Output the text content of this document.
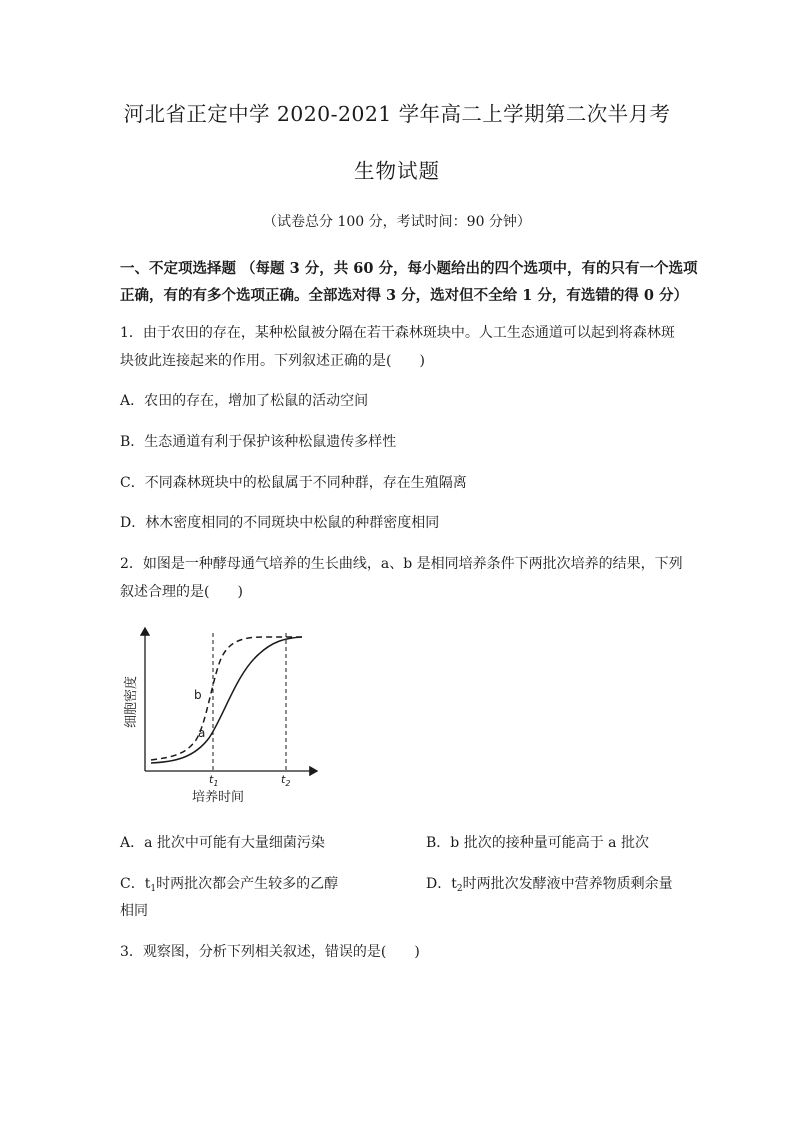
河北省正定中学 2020-2021 学年高二上学期第二次半月考
生物试题
（试卷总分 100 分，考试时间：90 分钟）
一、不定项选择题 （每题 3 分，共 60 分，每小题给出的四个选项中，有的只有一个选项
正确，有的有多个选项正确。全部选对得 3 分，选对但不全给 1 分，有选错的得 0 分）
1．由于农田的存在，某种松鼠被分隔在若干森林斑块中。人工生态通道可以起到将森林斑
块彼此连接起来的作用。下列叙述正确的是(　　)
A．农田的存在，增加了松鼠的活动空间
B．生态通道有利于保护该种松鼠遗传多样性
C．不同森林斑块中的松鼠属于不同种群，存在生殖隔离
D．林木密度相同的不同斑块中松鼠的种群密度相同
2．如图是一种酵母通气培养的生长曲线，a、b 是相同培养条件下两批次培养的结果，下列
叙述合理的是(　　)
b
a
$t_1$	$t_2$
培养时间
细胞密度
A．a 批次中可能有大量细菌污染	B．b 批次的接种量可能高于 a 批次
C．$t_1$时两批次都会产生较多的乙醇	D．$t_2$时两批次发酵液中营养物质剩余量
相同
3．观察图，分析下列相关叙述，错误的是(　　)
